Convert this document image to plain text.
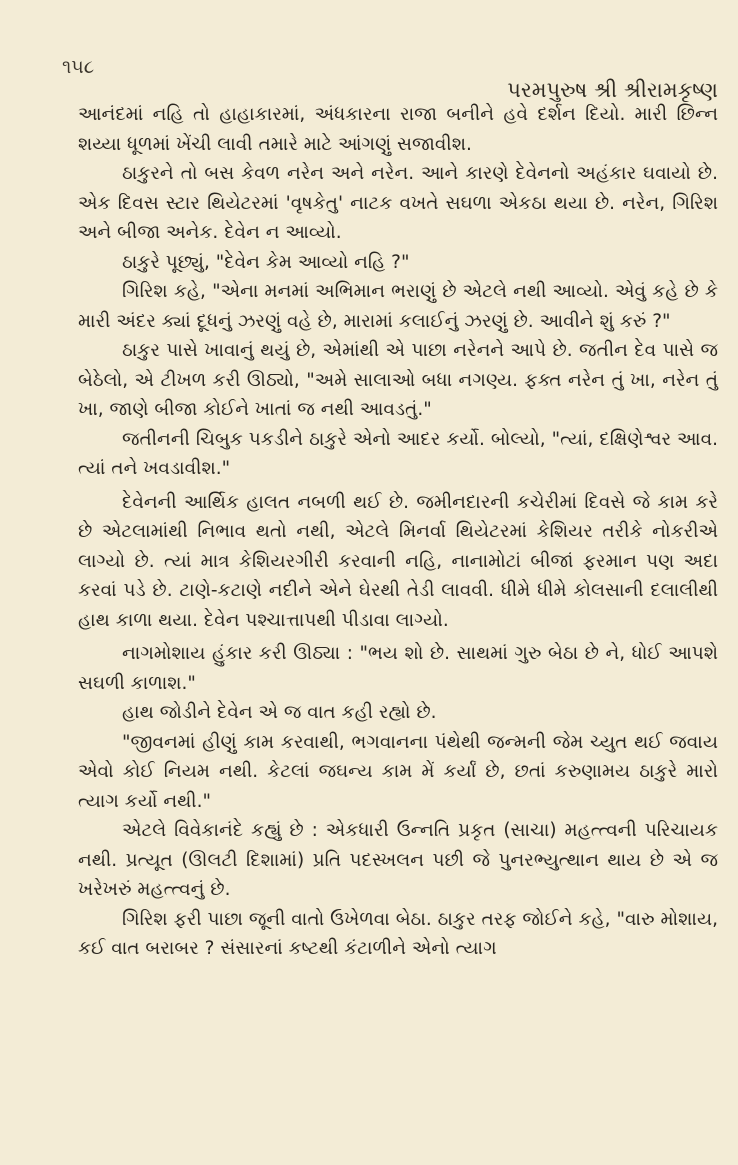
૧૫૮
પરમપુરુષ શ્રી શ્રીરામકૃષ્ણ

આનંદમાં નહિ તો હાહાકારમાં, અંધકારના રાજા બનીને હવે દર્શન દિયો. મારી છિન્ન શય્યા ધૂળમાં ખેંચી લાવી તમારે માટે આંગણું સજાવીશ.

ઠાકુરને તો બસ કેવળ નરેન અને નરેન. આને કારણે દેવેનનો અહંકાર ઘવાયો છે. એક દિવસ સ્ટાર થિયેટરમાં 'વૃષકેતુ' નાટક વખતે સઘળા એકઠા થયા છે. નરેન, ગિરિશ અને બીજા અનેક. દેવેન ન આવ્યો.

ઠાકુરે પૂછ્યું, "દેવેન કેમ આવ્યો નહિ ?"

ગિરિશ કહે, "એના મનમાં અભિમાન ભરાણું છે એટલે નથી આવ્યો. એવું કહે છે કે મારી અંદર ક્યાં દૂધનું ઝરણું વહે છે, મારામાં કલાઈનું ઝરણું છે. આવીને શું કરું ?"

ઠાકુર પાસે ખાવાનું થયું છે, એમાંથી એ પાછા નરેનને આપે છે. જતીન દેવ પાસે જ બેઠેલો, એ ટીખળ કરી ઊઠ્યો, "અમે સાલાઓ બધા નગણ્ય. ફક્ત નરેન તું ખા, નરેન તું ખા, જાણે બીજા કોઈને ખાતાં જ નથી આવડતું."

જતીનની ચિબુક પકડીને ઠાકુરે એનો આદર કર્યો. બોલ્યો, "ત્યાં, દક્ષિણેશ્વર આવ. ત્યાં તને ખવડાવીશ."

દેવેનની આર્થિક હાલત નબળી થઈ છે. જમીનદારની કચેરીમાં દિવસે જે કામ કરે છે એટલામાંથી નિભાવ થતો નથી, એટલે મિનર્વા થિયેટરમાં કેશિયર તરીકે નોકરીએ લાગ્યો છે. ત્યાં માત્ર કેશિયરગીરી કરવાની નહિ, નાનામોટાં બીજાં ફરમાન પણ અદા કરવાં પડે છે. ટાણે-કટાણે નદીને એને ઘેરથી તેડી લાવવી. ધીમે ધીમે કોલસાની દલાલીથી હાથ કાળા થયા. દેવેન પશ્ચાત્તાપથી પીડાવા લાગ્યો.

નાગમોશાય હુંકાર કરી ઊઠ્યા : "ભય શો છે. સાથમાં ગુરુ બેઠા છે ને, ધોઈ આપશે સઘળી કાળાશ."

હાથ જોડીને દેવેન એ જ વાત કહી રહ્યો છે.

"જીવનમાં હીણું કામ કરવાથી, ભગવાનના પંથેથી જન્મની જેમ ચ્યુત થઈ જવાય એવો કોઈ નિયમ નથી. કેટલાં જઘન્ય કામ મેં કર્યાં છે, છતાં કરુણામય ઠાકુરે મારો ત્યાગ કર્યો નથી."

એટલે વિવેકાનંદે કહ્યું છે : એકધારી ઉન્નતિ પ્રકૃત (સાચા) મહત્ત્વની પરિચાયક નથી. પ્રત્યૂત (ઊલટી દિશામાં) પ્રતિ પદસ્ખલન પછી જે પુનરભ્યુત્થાન થાય છે એ જ ખરેખરું મહત્ત્વનું છે.

ગિરિશ ફરી પાછા જૂની વાતો ઉખેળવા બેઠા. ઠાકુર તરફ જોઈને કહે, "વારુ મોશાય, કઈ વાત બરાબર ? સંસારનાં કષ્ટથી કંટાળીને એનો ત્યાગ
